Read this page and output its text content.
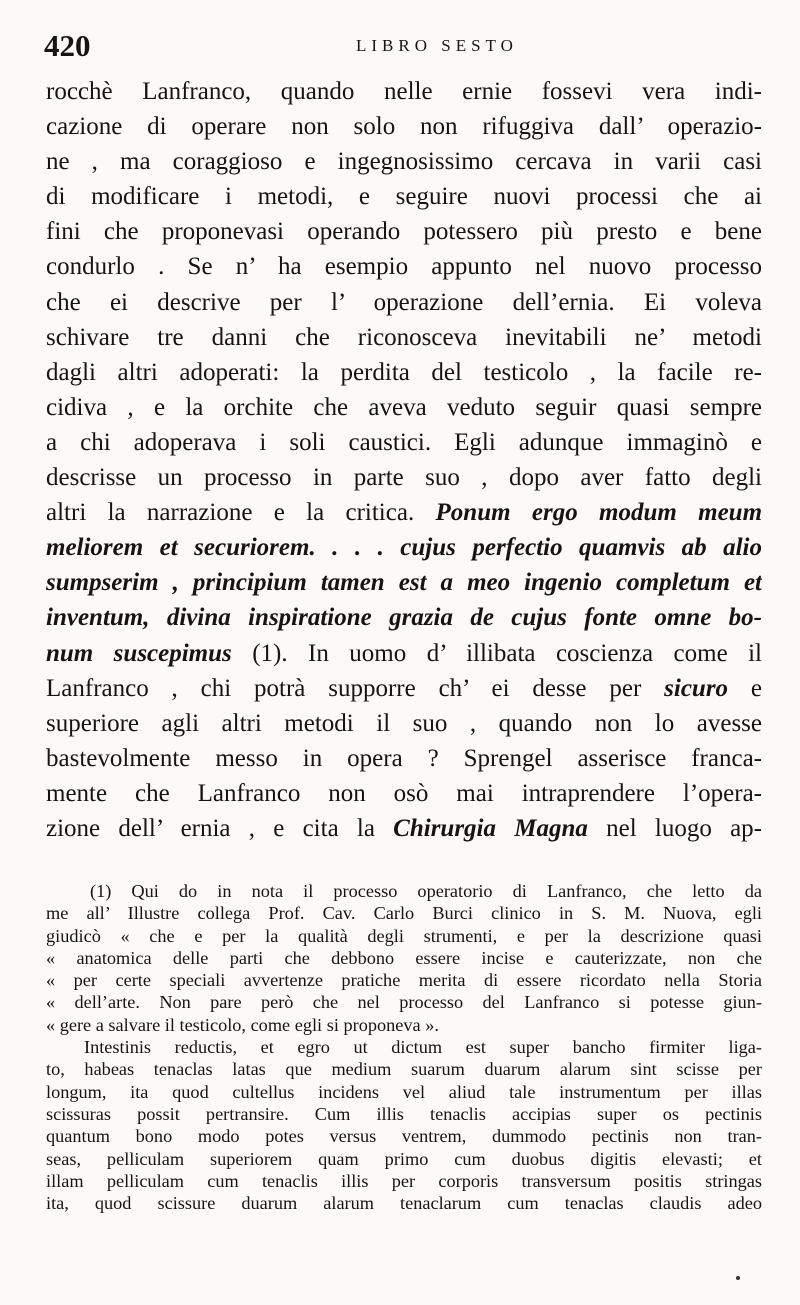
420	LIBRO SESTO
rocchè Lanfranco, quando nelle ernie fossevi vera indi-
cazione di operare non solo non rifuggiva dall’ operazio-
ne , ma coraggioso e ingegnosissimo cercava in varii casi
di modificare i metodi, e seguire nuovi processi che ai
fini che proponevasi operando potessero più presto e bene
condurlo . Se n’ ha esempio appunto nel nuovo processo
che ei descrive per l’ operazione dell’ernia. Ei voleva
schivare tre danni che riconosceva inevitabili ne’ metodi
dagli altri adoperati: la perdita del testicolo , la facile re-
cidiva , e la orchite che aveva veduto seguir quasi sempre
a chi adoperava i soli caustici. Egli adunque immaginò e
descrisse un processo in parte suo , dopo aver fatto degli
altri la narrazione e la critica. Ponum ergo modum meum
meliorem et securiorem. . . . cujus perfectio quamvis ab alio
sumpserim , principium tamen est a meo ingenio completum et
inventum, divina inspiratione grazia de cujus fonte omne bo-
num suscepimus (1). In uomo d’ illibata coscienza come il
Lanfranco , chi potrà supporre ch’ ei desse per sicuro e
superiore agli altri metodi il suo , quando non lo avesse
bastevolmente messo in opera ? Sprengel asserisce franca-
mente che Lanfranco non osò mai intraprendere l’opera-
zione dell’ ernia , e cita la Chirurgia Magna nel luogo ap-
(1) Qui do in nota il processo operatorio di Lanfranco, che letto da
me all’ Illustre collega Prof. Cav. Carlo Burci clinico in S. M. Nuova, egli
giudicò « che e per la qualità degli strumenti, e per la descrizione quasi
« anatomica delle parti che debbono essere incise e cauterizzate, non che
« per certe speciali avvertenze pratiche merita di essere ricordato nella Storia
« dell’arte. Non pare però che nel processo del Lanfranco si potesse giun-
« gere a salvare il testicolo, come egli si proponeva ».
Intestinis reductis, et egro ut dictum est super bancho firmiter liga-
to, habeas tenaclas latas que medium suarum duarum alarum sint scisse per
longum, ita quod cultellus incidens vel aliud tale instrumentum per illas
scissuras possit pertransire. Cum illis tenaclis accipias super os pectinis
quantum bono modo potes versus ventrem, dummodo pectinis non tran-
seas, pelliculam superiorem quam primo cum duobus digitis elevasti; et
illam pelliculam cum tenaclis illis per corporis transversum positis stringas
ita, quod scissure duarum alarum tenaclarum cum tenaclas claudis adeo
